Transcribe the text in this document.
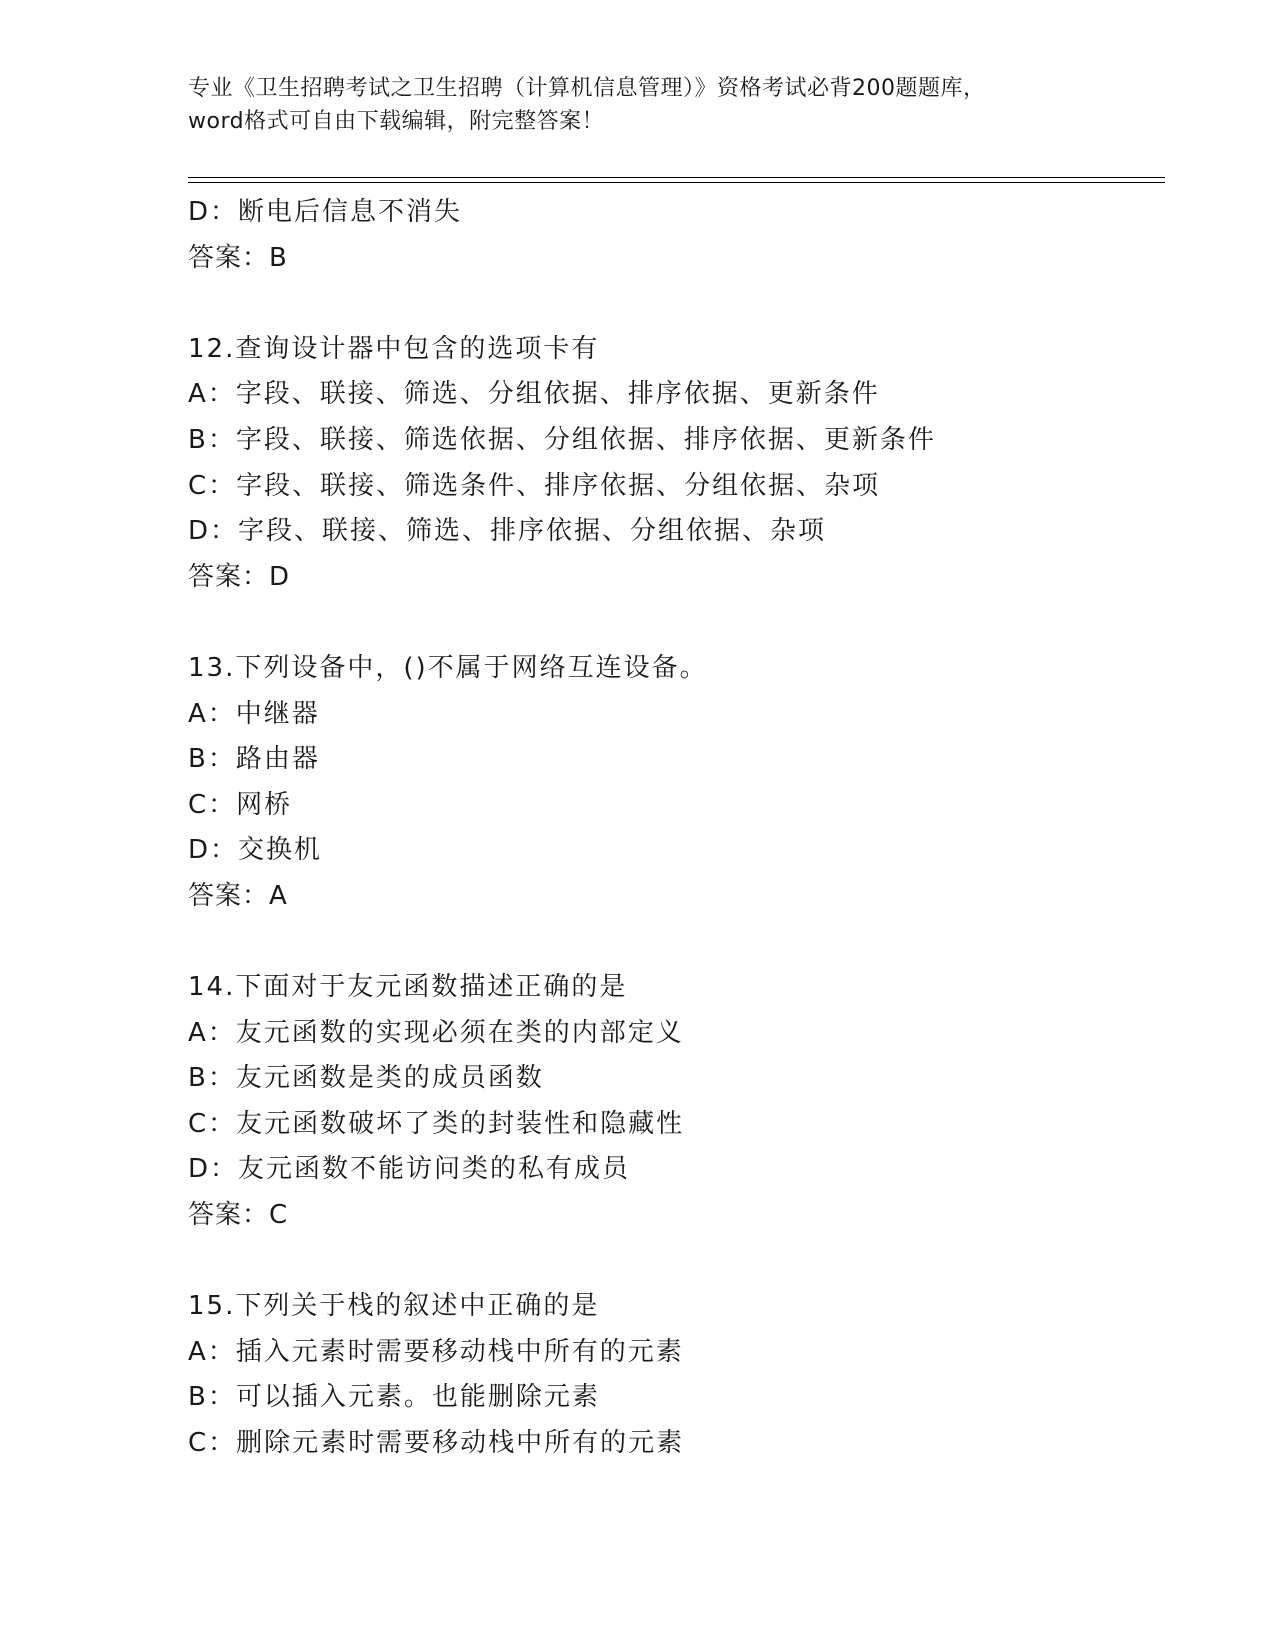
专业《卫生招聘考试之卫生招聘（计算机信息管理）》资格考试必背200题题库，
word格式可自由下载编辑，附完整答案！
D：断电后信息不消失
答案：B
12.查询设计器中包含的选项卡有
A：字段、联接、筛选、分组依据、排序依据、更新条件
B：字段、联接、筛选依据、分组依据、排序依据、更新条件
C：字段、联接、筛选条件、排序依据、分组依据、杂项
D：字段、联接、筛选、排序依据、分组依据、杂项
答案：D
13.下列设备中，()不属于网络互连设备。
A：中继器
B：路由器
C：网桥
D：交换机
答案：A
14.下面对于友元函数描述正确的是
A：友元函数的实现必须在类的内部定义
B：友元函数是类的成员函数
C：友元函数破坏了类的封装性和隐藏性
D：友元函数不能访问类的私有成员
答案：C
15.下列关于栈的叙述中正确的是
A：插入元素时需要移动栈中所有的元素
B：可以插入元素。也能删除元素
C：删除元素时需要移动栈中所有的元素
